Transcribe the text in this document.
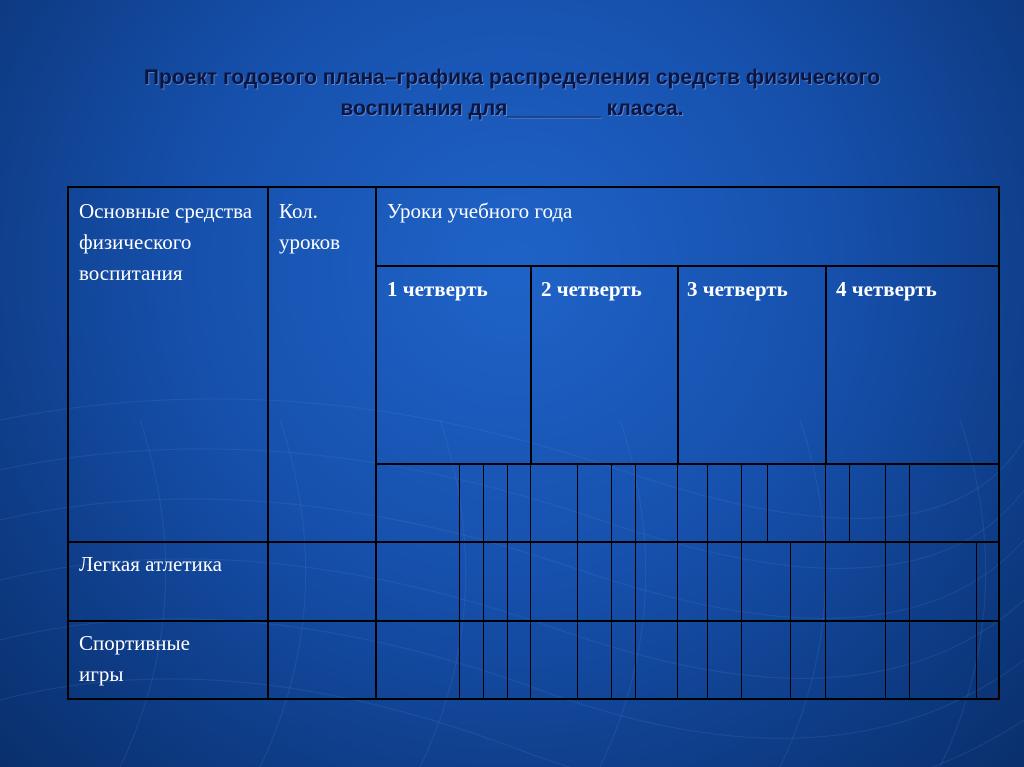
Проект годового плана–графика распределения средств физического
воспитания для________ класса.
Основные средства физического воспитания
Кол. уроков
Уроки учебного года
1 четверть	2 четверть 3 четверть 4 четверть
Легкая атлетика
Спортивные игры
